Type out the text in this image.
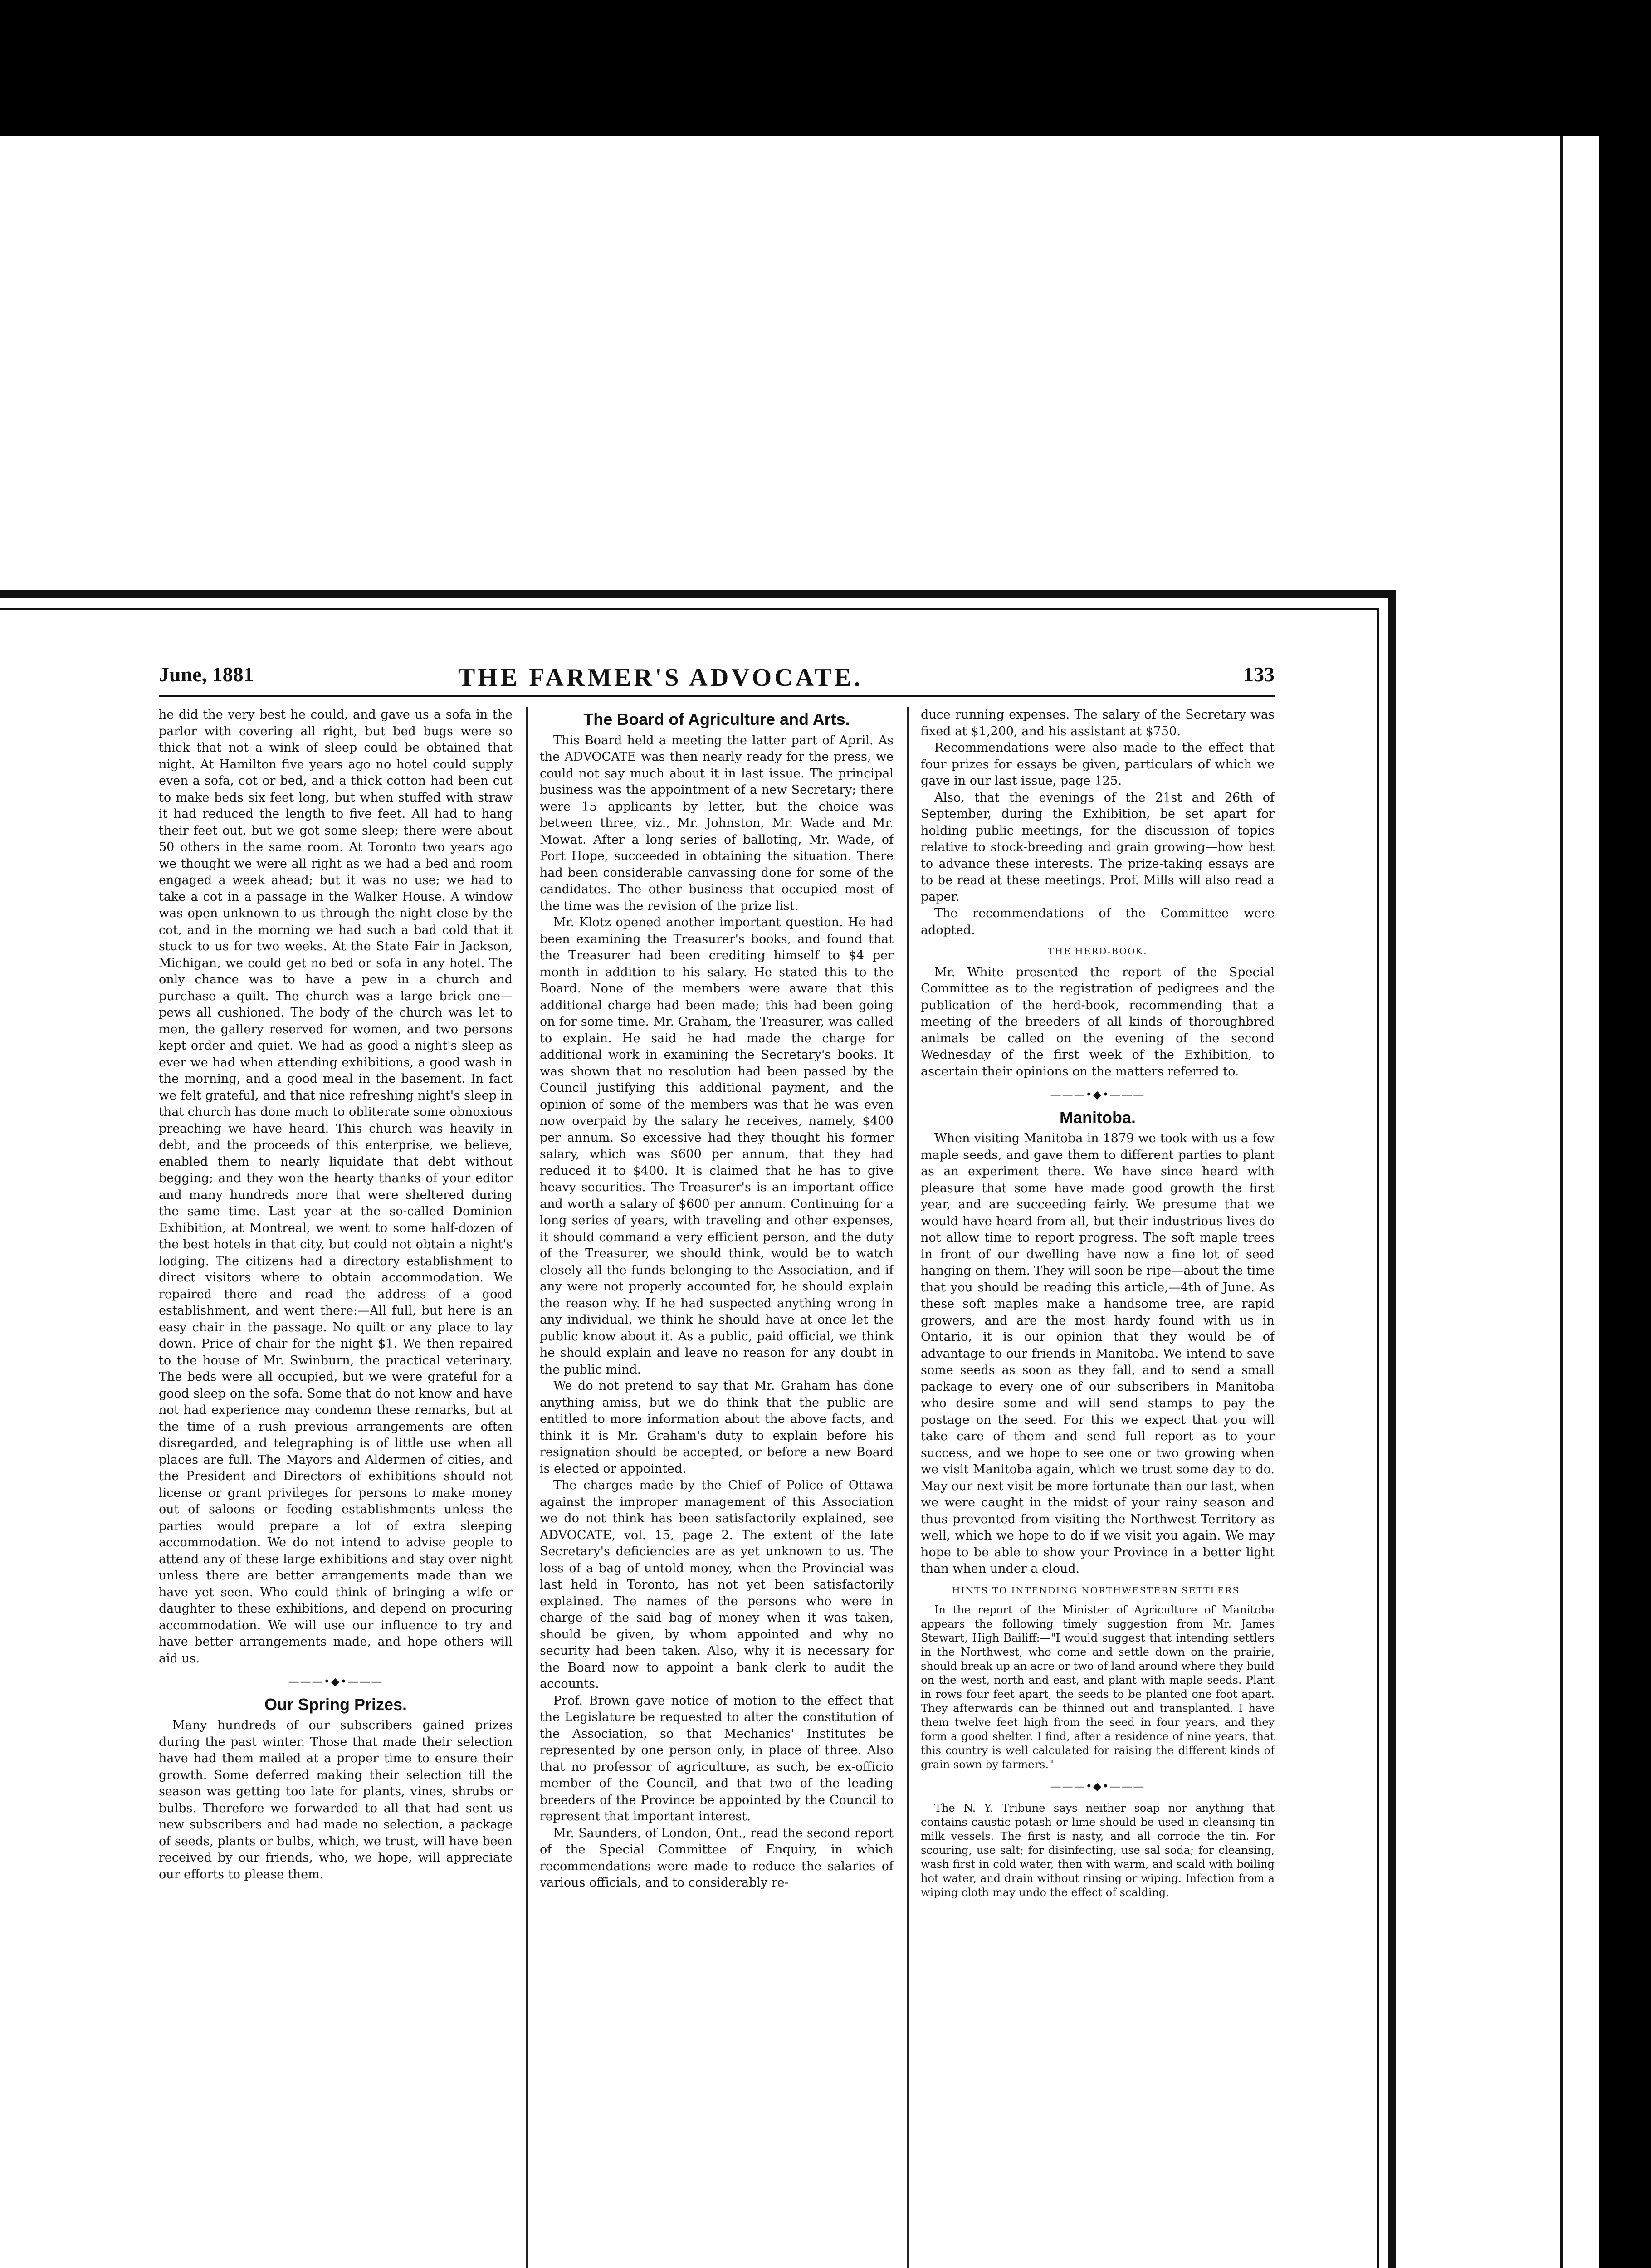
June, 1881	THE FARMER'S ADVOCATE.	133

he did the very best he could, and gave us a sofa in the parlor with covering all right, but bed bugs were so thick that not a wink of sleep could be obtained that night. At Hamilton five years ago no hotel could supply even a sofa, cot or bed, and a thick cotton had been cut to make beds six feet long, but when stuffed with straw it had reduced the length to five feet. All had to hang their feet out, but we got some sleep; there were about 50 others in the same room. At Toronto two years ago we thought we were all right as we had a bed and room engaged a week ahead; but it was no use; we had to take a cot in a passage in the Walker House. A window was open unknown to us through the night close by the cot, and in the morning we had such a bad cold that it stuck to us for two weeks. At the State Fair in Jackson, Michigan, we could get no bed or sofa in any hotel. The only chance was to have a pew in a church and purchase a quilt. The church was a large brick one—pews all cushioned. The body of the church was let to men, the gallery reserved for women, and two persons kept order and quiet. We had as good a night's sleep as ever we had when attending exhibitions, a good wash in the morning, and a good meal in the basement. In fact we felt grateful, and that nice refreshing night's sleep in that church has done much to obliterate some obnoxious preaching we have heard. This church was heavily in debt, and the proceeds of this enterprise, we believe, enabled them to nearly liquidate that debt without begging; and they won the hearty thanks of your editor and many hundreds more that were sheltered during the same time. Last year at the so-called Dominion Exhibition, at Montreal, we went to some half-dozen of the best hotels in that city, but could not obtain a night's lodging. The citizens had a directory establishment to direct visitors where to obtain accommodation. We repaired there and read the address of a good establishment, and went there:—All full, but here is an easy chair in the passage. No quilt or any place to lay down. Price of chair for the night $1. We then repaired to the house of Mr. Swinburn, the practical veterinary. The beds were all occupied, but we were grateful for a good sleep on the sofa. Some that do not know and have not had experience may condemn these remarks, but at the time of a rush previous arrangements are often disregarded, and telegraphing is of little use when all places are full. The Mayors and Aldermen of cities, and the President and Directors of exhibitions should not license or grant privileges for persons to make money out of saloons or feeding establishments unless the parties would prepare a lot of extra sleeping accommodation. We do not intend to advise people to attend any of these large exhibitions and stay over night unless there are better arrangements made than we have yet seen. Who could think of bringing a wife or daughter to these exhibitions, and depend on procuring accommodation. We will use our influence to try and have better arrangements made, and hope others will aid us.

———•◆•———
Our Spring Prizes.

Many hundreds of our subscribers gained prizes during the past winter. Those that made their selection have had them mailed at a proper time to ensure their growth. Some deferred making their selection till the season was getting too late for plants, vines, shrubs or bulbs. Therefore we forwarded to all that had sent us new subscribers and had made no selection, a package of seeds, plants or bulbs, which, we trust, will have been received by our friends, who, we hope, will appreciate our efforts to please them.

The Board of Agriculture and Arts.

This Board held a meeting the latter part of April. As the ADVOCATE was then nearly ready for the press, we could not say much about it in last issue. The principal business was the appointment of a new Secretary; there were 15 applicants by letter, but the choice was between three, viz., Mr. Johnston, Mr. Wade and Mr. Mowat. After a long series of balloting, Mr. Wade, of Port Hope, succeeded in obtaining the situation. There had been considerable canvassing done for some of the candidates. The other business that occupied most of the time was the revision of the prize list.

Mr. Klotz opened another important question. He had been examining the Treasurer's books, and found that the Treasurer had been crediting himself to $4 per month in addition to his salary. He stated this to the Board. None of the members were aware that this additional charge had been made; this had been going on for some time. Mr. Graham, the Treasurer, was called to explain. He said he had made the charge for additional work in examining the Secretary's books. It was shown that no resolution had been passed by the Council justifying this additional payment, and the opinion of some of the members was that he was even now overpaid by the salary he receives, namely, $400 per annum. So excessive had they thought his former salary, which was $600 per annum, that they had reduced it to $400. It is claimed that he has to give heavy securities. The Treasurer's is an important office and worth a salary of $600 per annum. Continuing for a long series of years, with traveling and other expenses, it should command a very efficient person, and the duty of the Treasurer, we should think, would be to watch closely all the funds belonging to the Association, and if any were not properly accounted for, he should explain the reason why. If he had suspected anything wrong in any individual, we think he should have at once let the public know about it. As a public, paid official, we think he should explain and leave no reason for any doubt in the public mind.

We do not pretend to say that Mr. Graham has done anything amiss, but we do think that the public are entitled to more information about the above facts, and think it is Mr. Graham's duty to explain before his resignation should be accepted, or before a new Board is elected or appointed.

The charges made by the Chief of Police of Ottawa against the improper management of this Association we do not think has been satisfactorily explained, see ADVOCATE, vol. 15, page 2. The extent of the late Secretary's deficiencies are as yet unknown to us. The loss of a bag of untold money, when the Provincial was last held in Toronto, has not yet been satisfactorily explained. The names of the persons who were in charge of the said bag of money when it was taken, should be given, by whom appointed and why no security had been taken. Also, why it is necessary for the Board now to appoint a bank clerk to audit the accounts.

Prof. Brown gave notice of motion to the effect that the Legislature be requested to alter the constitution of the Association, so that Mechanics' Institutes be represented by one person only, in place of three. Also that no professor of agriculture, as such, be ex-officio member of the Council, and that two of the leading breeders of the Province be appointed by the Council to represent that important interest.

Mr. Saunders, of London, Ont., read the second report of the Special Committee of Enquiry, in which recommendations were made to reduce the salaries of various officials, and to considerably re-

duce running expenses. The salary of the Secretary was fixed at $1,200, and his assistant at $750.

Recommendations were also made to the effect that four prizes for essays be given, particulars of which we gave in our last issue, page 125.

Also, that the evenings of the 21st and 26th of September, during the Exhibition, be set apart for holding public meetings, for the discussion of topics relative to stock-breeding and grain growing—how best to advance these interests. The prize-taking essays are to be read at these meetings. Prof. Mills will also read a paper.

The recommendations of the Committee were adopted.

THE HERD-BOOK.

Mr. White presented the report of the Special Committee as to the registration of pedigrees and the publication of the herd-book, recommending that a meeting of the breeders of all kinds of thoroughbred animals be called on the evening of the second Wednesday of the first week of the Exhibition, to ascertain their opinions on the matters referred to.

———•◆•———
Manitoba.

When visiting Manitoba in 1879 we took with us a few maple seeds, and gave them to different parties to plant as an experiment there. We have since heard with pleasure that some have made good growth the first year, and are succeeding fairly. We presume that we would have heard from all, but their industrious lives do not allow time to report progress. The soft maple trees in front of our dwelling have now a fine lot of seed hanging on them. They will soon be ripe—about the time that you should be reading this article,—4th of June. As these soft maples make a handsome tree, are rapid growers, and are the most hardy found with us in Ontario, it is our opinion that they would be of advantage to our friends in Manitoba. We intend to save some seeds as soon as they fall, and to send a small package to every one of our subscribers in Manitoba who desire some and will send stamps to pay the postage on the seed. For this we expect that you will take care of them and send full report as to your success, and we hope to see one or two growing when we visit Manitoba again, which we trust some day to do. May our next visit be more fortunate than our last, when we were caught in the midst of your rainy season and thus prevented from visiting the Northwest Territory as well, which we hope to do if we visit you again. We may hope to be able to show your Province in a better light than when under a cloud.

HINTS TO INTENDING NORTHWESTERN SETTLERS.

In the report of the Minister of Agriculture of Manitoba appears the following timely suggestion from Mr. James Stewart, High Bailiff:—"I would suggest that intending settlers in the Northwest, who come and settle down on the prairie, should break up an acre or two of land around where they build on the west, north and east, and plant with maple seeds. Plant in rows four feet apart, the seeds to be planted one foot apart. They afterwards can be thinned out and transplanted. I have them twelve feet high from the seed in four years, and they form a good shelter. I find, after a residence of nine years, that this country is well calculated for raising the different kinds of grain sown by farmers."

———•◆•———

The N. Y. Tribune says neither soap nor anything that contains caustic potash or lime should be used in cleansing tin milk vessels. The first is nasty, and all corrode the tin. For scouring, use salt; for disinfecting, use sal soda; for cleansing, wash first in cold water, then with warm, and scald with boiling hot water, and drain without rinsing or wiping. Infection from a wiping cloth may undo the effect of scalding.
